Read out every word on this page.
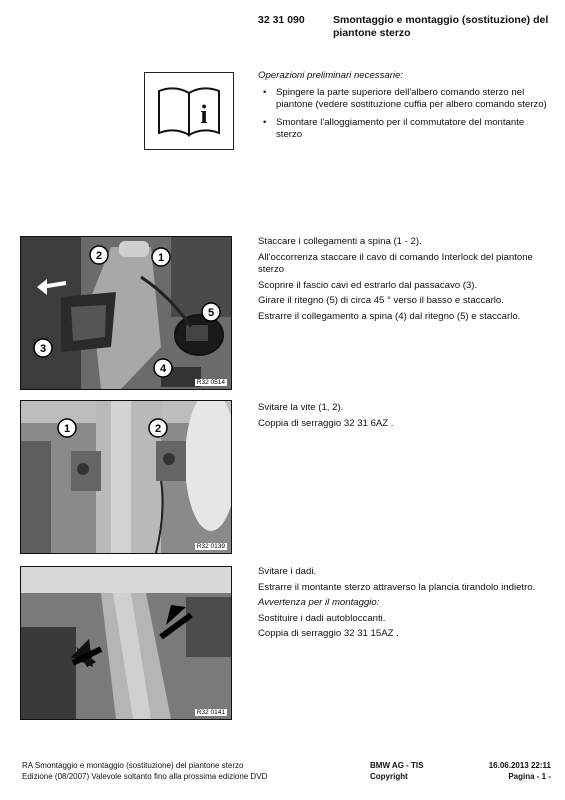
32 31 090	Smontaggio e montaggio (sostituzione) del piantone sterzo
i
Operazioni preliminari necessarie:
• Spingere la parte superiore dell'albero comando sterzo nel piantone (vedere sostituzione cuffia per albero comando sterzo)
• Smontare l'alloggiamento per il commutatore del montante sterzo
2	1
3
4
5
R32 0514

Staccare i collegamenti a spina (1 - 2).

All'occorrenza staccare il cavo di comando Interlock del piantone sterzo

Scoprire il fascio cavi ed estrarlo dal passacavo (3).

Girare il ritegno (5) di circa 45 ° verso il basso e staccarlo.

Estrarre il collegamento a spina (4) dal ritegno (5) e staccarlo.

1	2
R32 0139

Svitare la vite (1, 2).

Coppia di serraggio 32 31 6AZ .

R32 0141

Svitare i dadi.

Estrarre il montante sterzo attraverso la plancia tirandolo indietro.

Avvertenza per il montaggio:

Sostituire i dadi autobloccanti.

Coppia di serraggio 32 31 15AZ .

RA Smontaggio e montaggio (sostituzione) del piantone sterzo
Edizione (08/2007) Valevole soltanto fino alla prossima edizione DVD
BMW AG - TIS
Copyright
16.06.2013 22:11
Pagina - 1 -
